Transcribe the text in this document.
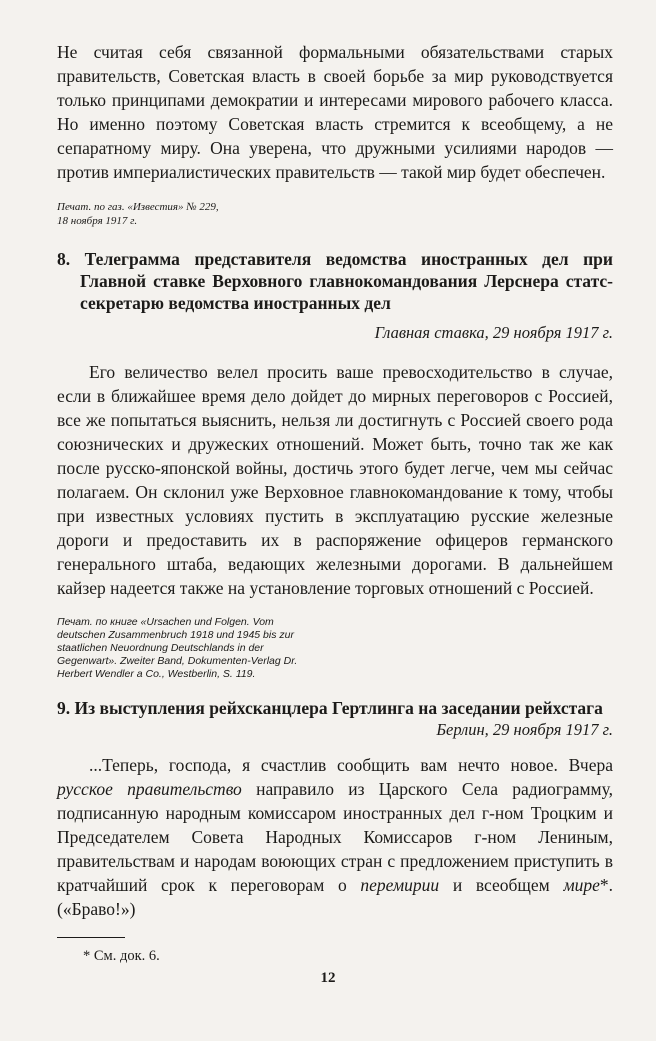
Не считая себя связанной формальными обязательствами старых правительств, Советская власть в своей борьбе за мир руководствуется только принципами демократии и интересами мирового рабочего класса. Но именно поэтому Советская власть стремится к всеобщему, а не сепаратному миру. Она уверена, что дружными усилиями народов — против империалистических правительств — такой мир будет обеспечен.

Печат. по газ. «Известия» № 229,

18 ноября 1917 г.

8. Телеграмма представителя ведомства иностранных дел при Главной ставке Верховного главнокомандования Лерснера статс-секретарю ведомства иностранных дел

Главная ставка, 29 ноября 1917 г.

Его величество велел просить ваше превосходительство в случае, если в ближайшее время дело дойдет до мирных переговоров с Россией, все же попытаться выяснить, нельзя ли достигнуть с Россией своего рода союзнических и дружеских отношений. Может быть, точно так же как после русско-японской войны, достичь этого будет легче, чем мы сейчас полагаем. Он склонил уже Верховное главнокомандование к тому, чтобы при известных условиях пустить в эксплуатацию русские железные дороги и предоставить их в распоряжение офицеров германского генерального штаба, ведающих железными дорогами. В дальнейшем кайзер надеется также на установление торговых отношений с Россией.

Печат. по книге «Ursachen und Folgen. Vom deutschen Zusammenbruch 1918 und 1945 bis zur staatlichen Neuordnung Deutschlands in der Gegenwart». Zweiter Band, Dokumenten-Verlag Dr. Herbert Wendler a Co., Westberlin, S. 119.

9. Из выступления рейхсканцлера Гертлинга на заседании рейхстага

Берлин, 29 ноября 1917 г.

...Теперь, господа, я счастлив сообщить вам нечто новое. Вчера русское правительство направило из Царского Села радиограмму, подписанную народным комиссаром иностранных дел г-ном Троцким и Председателем Совета Народных Комиссаров г-ном Лениным, правительствам и народам воюющих стран с предложением приступить в кратчайший срок к переговорам о перемирии и всеобщем мире*. («Браво!»)

* См. док. 6.

12
